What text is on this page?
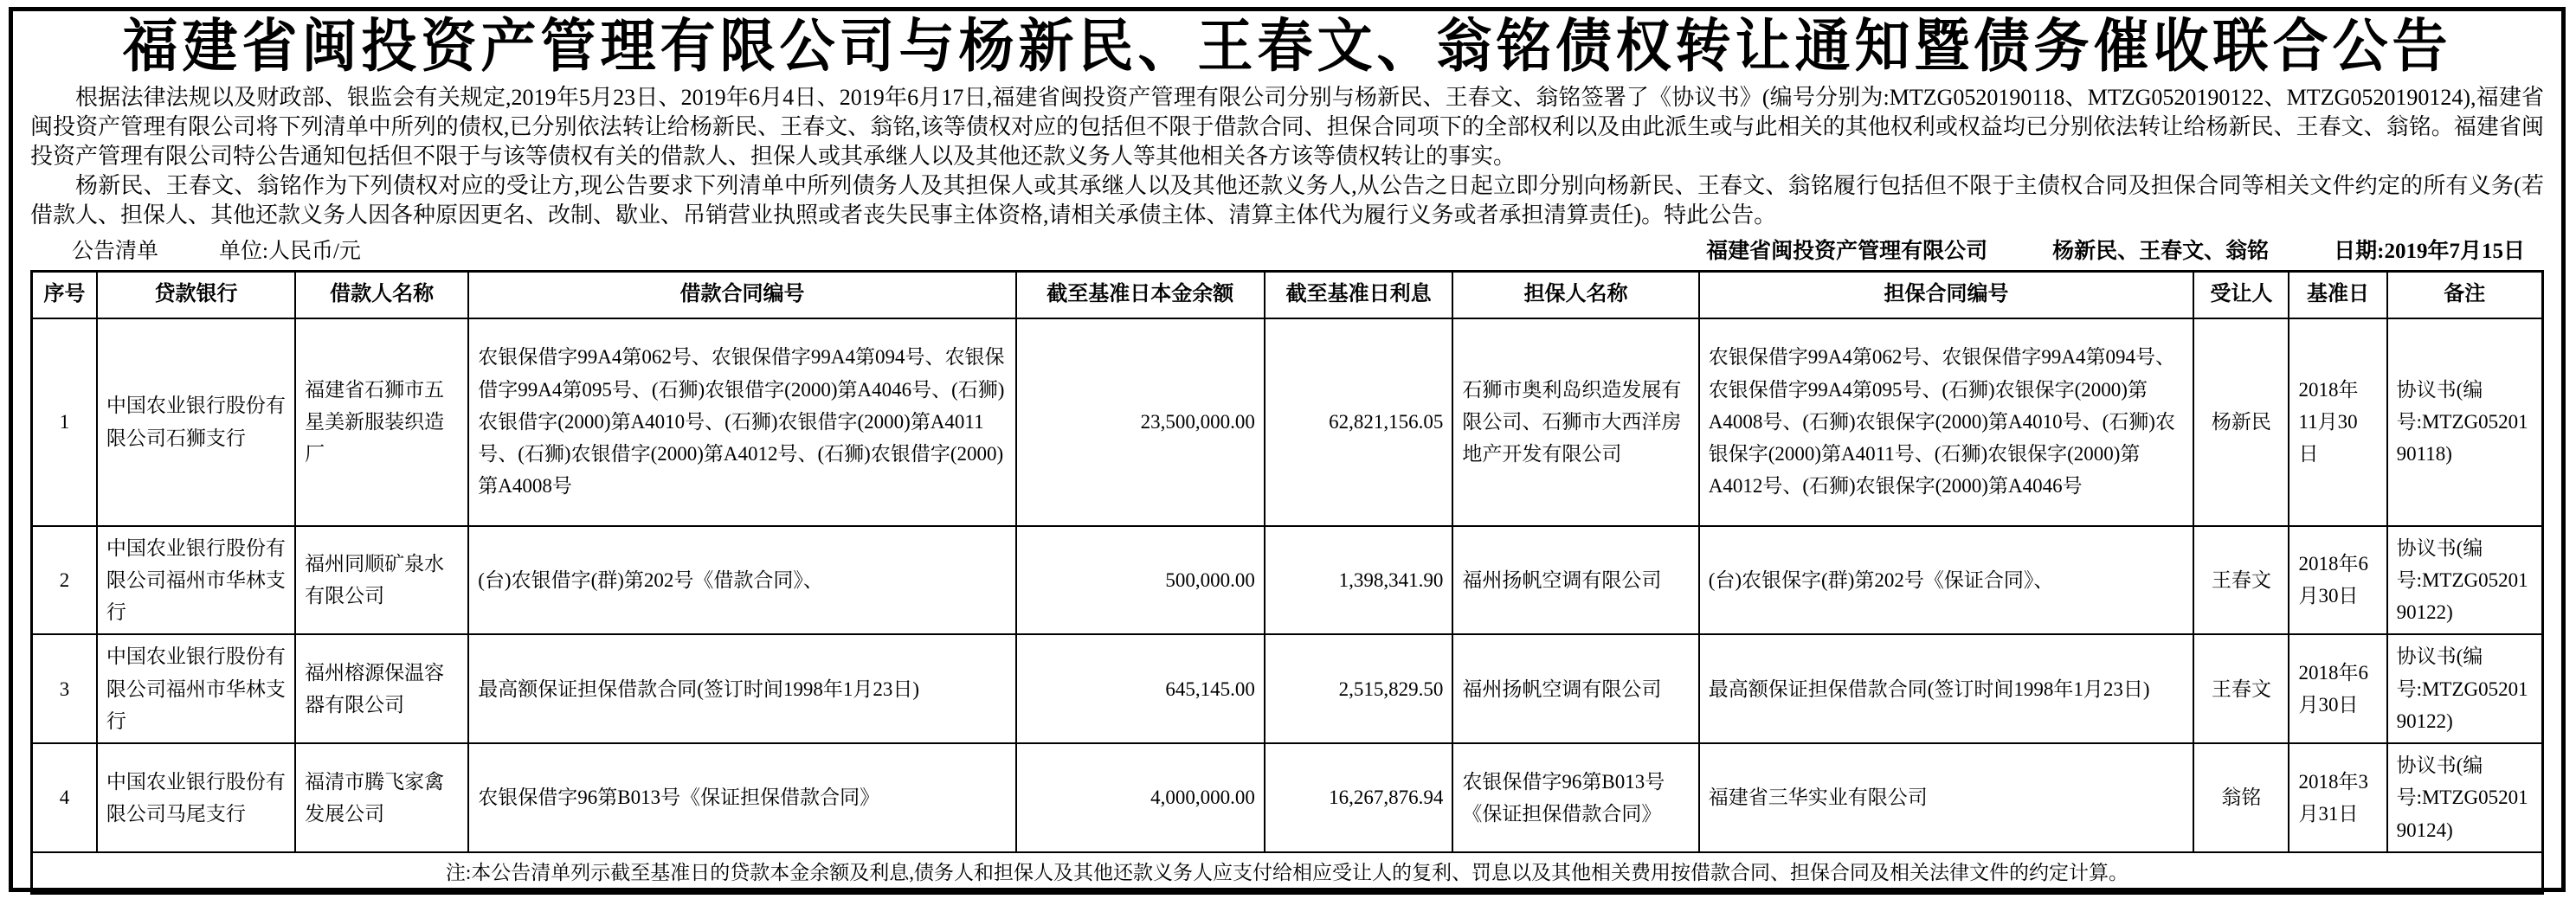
福建省闽投资产管理有限公司与杨新民、王春文、翁铭债权转让通知暨债务催收联合公告

根据法律法规以及财政部、银监会有关规定,2019年5月23日、2019年6月4日、2019年6月17日,福建省闽投资产管理有限公司分别与杨新民、王春文、翁铭签署了《协议书》(编号分别为:MTZG0520190118、MTZG0520190122、MTZG0520190124),福建省闽投资产管理有限公司将下列清单中所列的债权,已分别依法转让给杨新民、王春文、翁铭,该等债权对应的包括但不限于借款合同、担保合同项下的全部权利以及由此派生或与此相关的其他权利或权益均已分别依法转让给杨新民、王春文、翁铭。福建省闽投资产管理有限公司特公告通知包括但不限于与该等债权有关的借款人、担保人或其承继人以及其他还款义务人等其他相关各方该等债权转让的事实。

杨新民、王春文、翁铭作为下列债权对应的受让方,现公告要求下列清单中所列债务人及其担保人或其承继人以及其他还款义务人,从公告之日起立即分别向杨新民、王春文、翁铭履行包括但不限于主债权合同及担保合同等相关文件约定的所有义务(若借款人、担保人、其他还款义务人因各种原因更名、改制、歇业、吊销营业执照或者丧失民事主体资格,请相关承债主体、清算主体代为履行义务或者承担清算责任)。特此公告。

公告清单	单位:人民币/元	福建省闽投资产管理有限公司	杨新民、王春文、翁铭	日期:2019年7月15日
序号	贷款银行	借款人名称	借款合同编号	截至基准日本金余额	截至基准日利息	担保人名称	担保合同编号	受让人	基准日	备注
1	中国农业银行股份有限公司石狮支行	福建省石狮市五星美新服装织造厂	农银保借字99A4第062号、农银保借字99A4第094号、农银保借字99A4第095号、(石狮)农银借字(2000)第A4046号、(石狮)农银借字(2000)第A4010号、(石狮)农银借字(2000)第A4011号、(石狮)农银借字(2000)第A4012号、(石狮)农银借字(2000)第A4008号	23,500,000.00	62,821,156.05	石狮市奥利岛织造发展有限公司、石狮市大西洋房地产开发有限公司	农银保借字99A4第062号、农银保借字99A4第094号、农银保借字99A4第095号、(石狮)农银保字(2000)第A4008号、(石狮)农银保字(2000)第A4010号、(石狮)农银保字(2000)第A4011号、(石狮)农银保字(2000)第A4012号、(石狮)农银保字(2000)第A4046号	杨新民	2018年11月30日	协议书(编号:MTZG0520190118)
2	中国农业银行股份有限公司福州市华林支行	福州同顺矿泉水有限公司	(台)农银借字(群)第202号《借款合同》、	500,000.00	1,398,341.90	福州扬帆空调有限公司	(台)农银保字(群)第202号《保证合同》、	王春文	2018年6月30日	协议书(编号:MTZG0520190122)
3	中国农业银行股份有限公司福州市华林支行	福州榕源保温容器有限公司	最高额保证担保借款合同(签订时间1998年1月23日)	645,145.00	2,515,829.50	福州扬帆空调有限公司	最高额保证担保借款合同(签订时间1998年1月23日)	王春文	2018年6月30日	协议书(编号:MTZG0520190122)
4	中国农业银行股份有限公司马尾支行	福清市腾飞家禽发展公司	农银保借字96第B013号《保证担保借款合同》	4,000,000.00	16,267,876.94	农银保借字96第B013号《保证担保借款合同》	福建省三华实业有限公司	翁铭	2018年3月31日	协议书(编号:MTZG0520190124)
注:本公告清单列示截至基准日的贷款本金余额及利息,债务人和担保人及其他还款义务人应支付给相应受让人的复利、罚息以及其他相关费用按借款合同、担保合同及相关法律文件的约定计算。										
